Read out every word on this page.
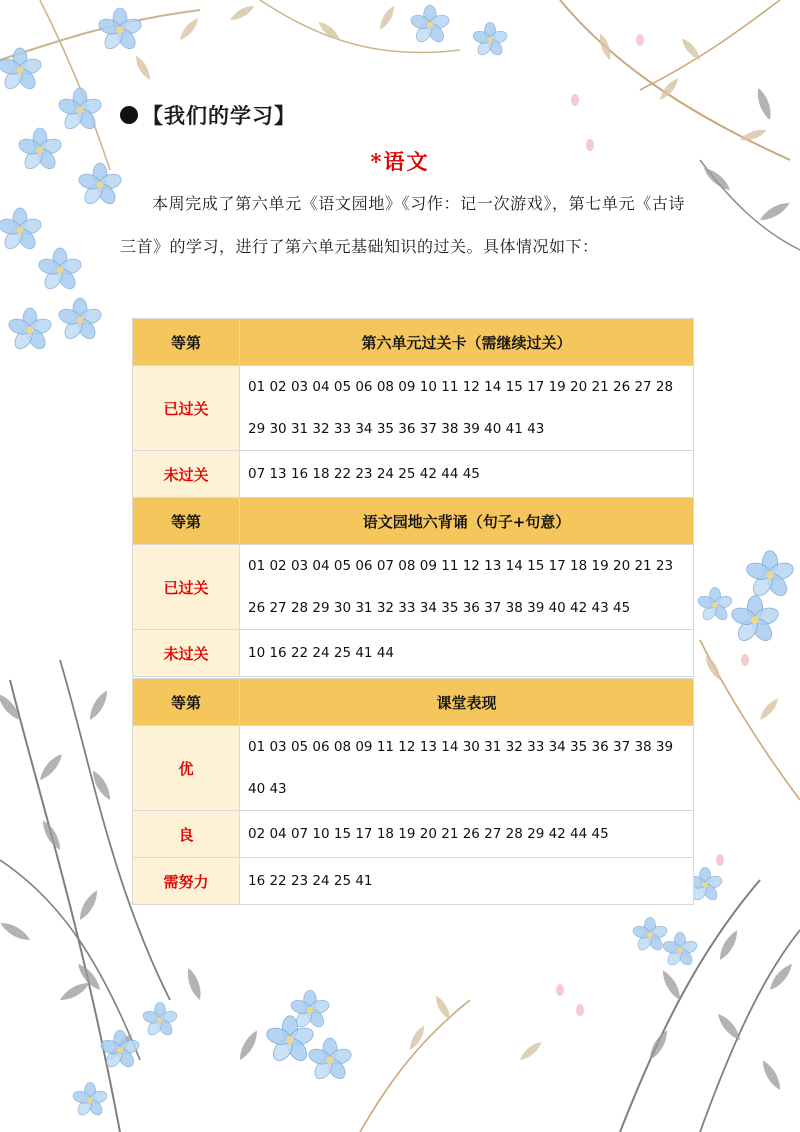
【我们的学习】
*语文
本周完成了第六单元《语文园地》《习作：记一次游戏》，第七单元《古诗三首》的学习，进行了第六单元基础知识的过关。具体情况如下：
等第	第六单元过关卡（需继续过关）
已过关	01 02 03 04 05 06 08 09 10 11 12 14 15 17 19 20 21 26 27 28 29 30 31 32 33 34 35 36 37 38 39 40 41 43
未过关	07 13 16 18 22 23 24 25 42 44 45
等第	语文园地六背诵（句子+句意）
已过关	01 02 03 04 05 06 07 08 09 11 12 13 14 15 17 18 19 20 21 23 26 27 28 29 30 31 32 33 34 35 36 37 38 39 40 42 43 45
未过关	10 16 22 24 25 41 44
等第	课堂表现
优	01 03 05 06 08 09 11 12 13 14 30 31 32 33 34 35 36 37 38 39 40 43
良	02 04 07 10 15 17 18 19 20 21 26 27 28 29 42 44 45
需努力	16 22 23 24 25 41
